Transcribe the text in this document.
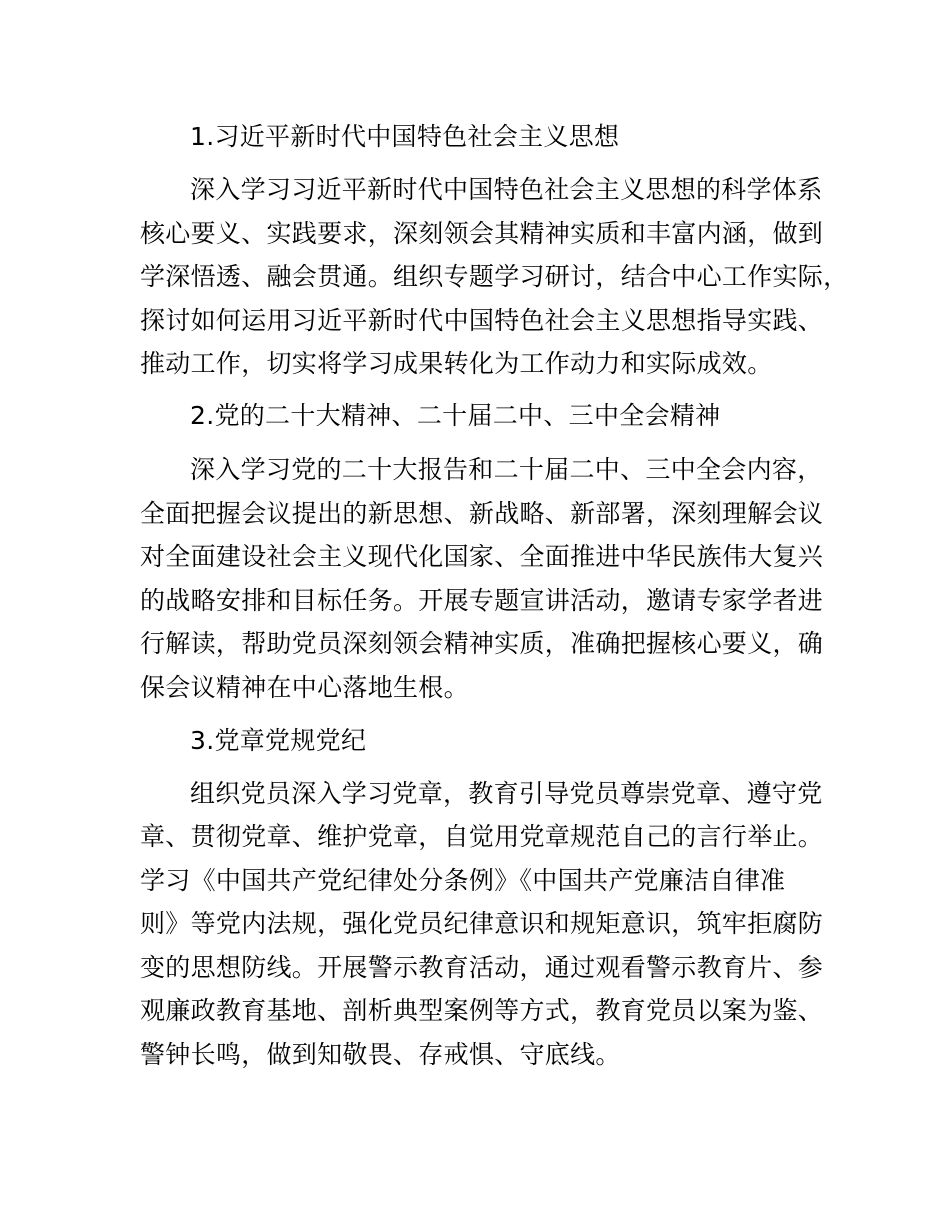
1.习近平新时代中国特色社会主义思想
深入学习习近平新时代中国特色社会主义思想的科学体系
核心要义、实践要求，深刻领会其精神实质和丰富内涵，做到
学深悟透、融会贯通。组织专题学习研讨，结合中心工作实际，
探讨如何运用习近平新时代中国特色社会主义思想指导实践、
推动工作，切实将学习成果转化为工作动力和实际成效。
2.党的二十大精神、二十届二中、三中全会精神
深入学习党的二十大报告和二十届二中、三中全会内容，
全面把握会议提出的新思想、新战略、新部署，深刻理解会议
对全面建设社会主义现代化国家、全面推进中华民族伟大复兴
的战略安排和目标任务。开展专题宣讲活动，邀请专家学者进
行解读，帮助党员深刻领会精神实质，准确把握核心要义，确
保会议精神在中心落地生根。
3.党章党规党纪
组织党员深入学习党章，教育引导党员尊崇党章、遵守党
章、贯彻党章、维护党章，自觉用党章规范自己的言行举止。
学习《中国共产党纪律处分条例》《中国共产党廉洁自律准
则》等党内法规，强化党员纪律意识和规矩意识，筑牢拒腐防
变的思想防线。开展警示教育活动，通过观看警示教育片、参
观廉政教育基地、剖析典型案例等方式，教育党员以案为鉴、
警钟长鸣，做到知敬畏、存戒惧、守底线。
